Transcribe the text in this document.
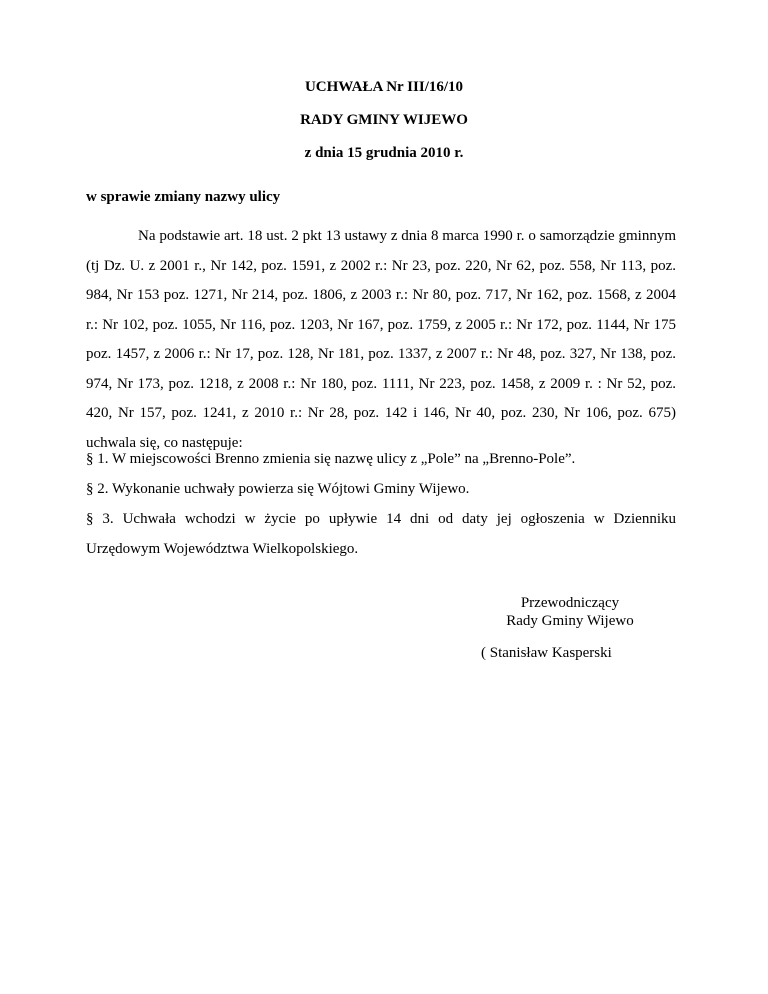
UCHWAŁA Nr III/16/10
RADY GMINY WIJEWO
z dnia 15 grudnia 2010 r.
w sprawie zmiany nazwy ulicy

Na podstawie art. 18 ust. 2 pkt 13 ustawy z dnia 8 marca 1990 r. o samorządzie gminnym (tj Dz. U. z 2001 r., Nr 142, poz. 1591, z 2002 r.: Nr 23, poz. 220, Nr 62, poz. 558, Nr 113, poz. 984, Nr 153 poz. 1271, Nr 214, poz. 1806, z 2003 r.: Nr 80, poz. 717, Nr 162, poz. 1568, z 2004 r.: Nr 102, poz. 1055, Nr 116, poz. 1203, Nr 167, poz. 1759, z 2005 r.: Nr 172, poz. 1144, Nr 175 poz. 1457, z 2006 r.: Nr 17, poz. 128, Nr 181, poz. 1337, z 2007 r.: Nr 48, poz. 327, Nr 138, poz. 974, Nr 173, poz. 1218, z 2008 r.: Nr 180, poz. 1111, Nr 223, poz. 1458, z 2009 r. : Nr 52, poz. 420, Nr 157, poz. 1241, z 2010 r.: Nr 28, poz. 142 i 146, Nr 40, poz. 230, Nr 106, poz. 675) uchwala się, co następuje:

§ 1. W miejscowości Brenno zmienia się nazwę ulicy z „Pole” na „Brenno-Pole”.

§ 2. Wykonanie uchwały powierza się Wójtowi Gminy Wijewo.

§ 3. Uchwała wchodzi w życie po upływie 14 dni od daty jej ogłoszenia w Dzienniku Urzędowym Województwa Wielkopolskiego.

Przewodniczący
Rady Gminy Wijewo
( Stanisław Kasperski
